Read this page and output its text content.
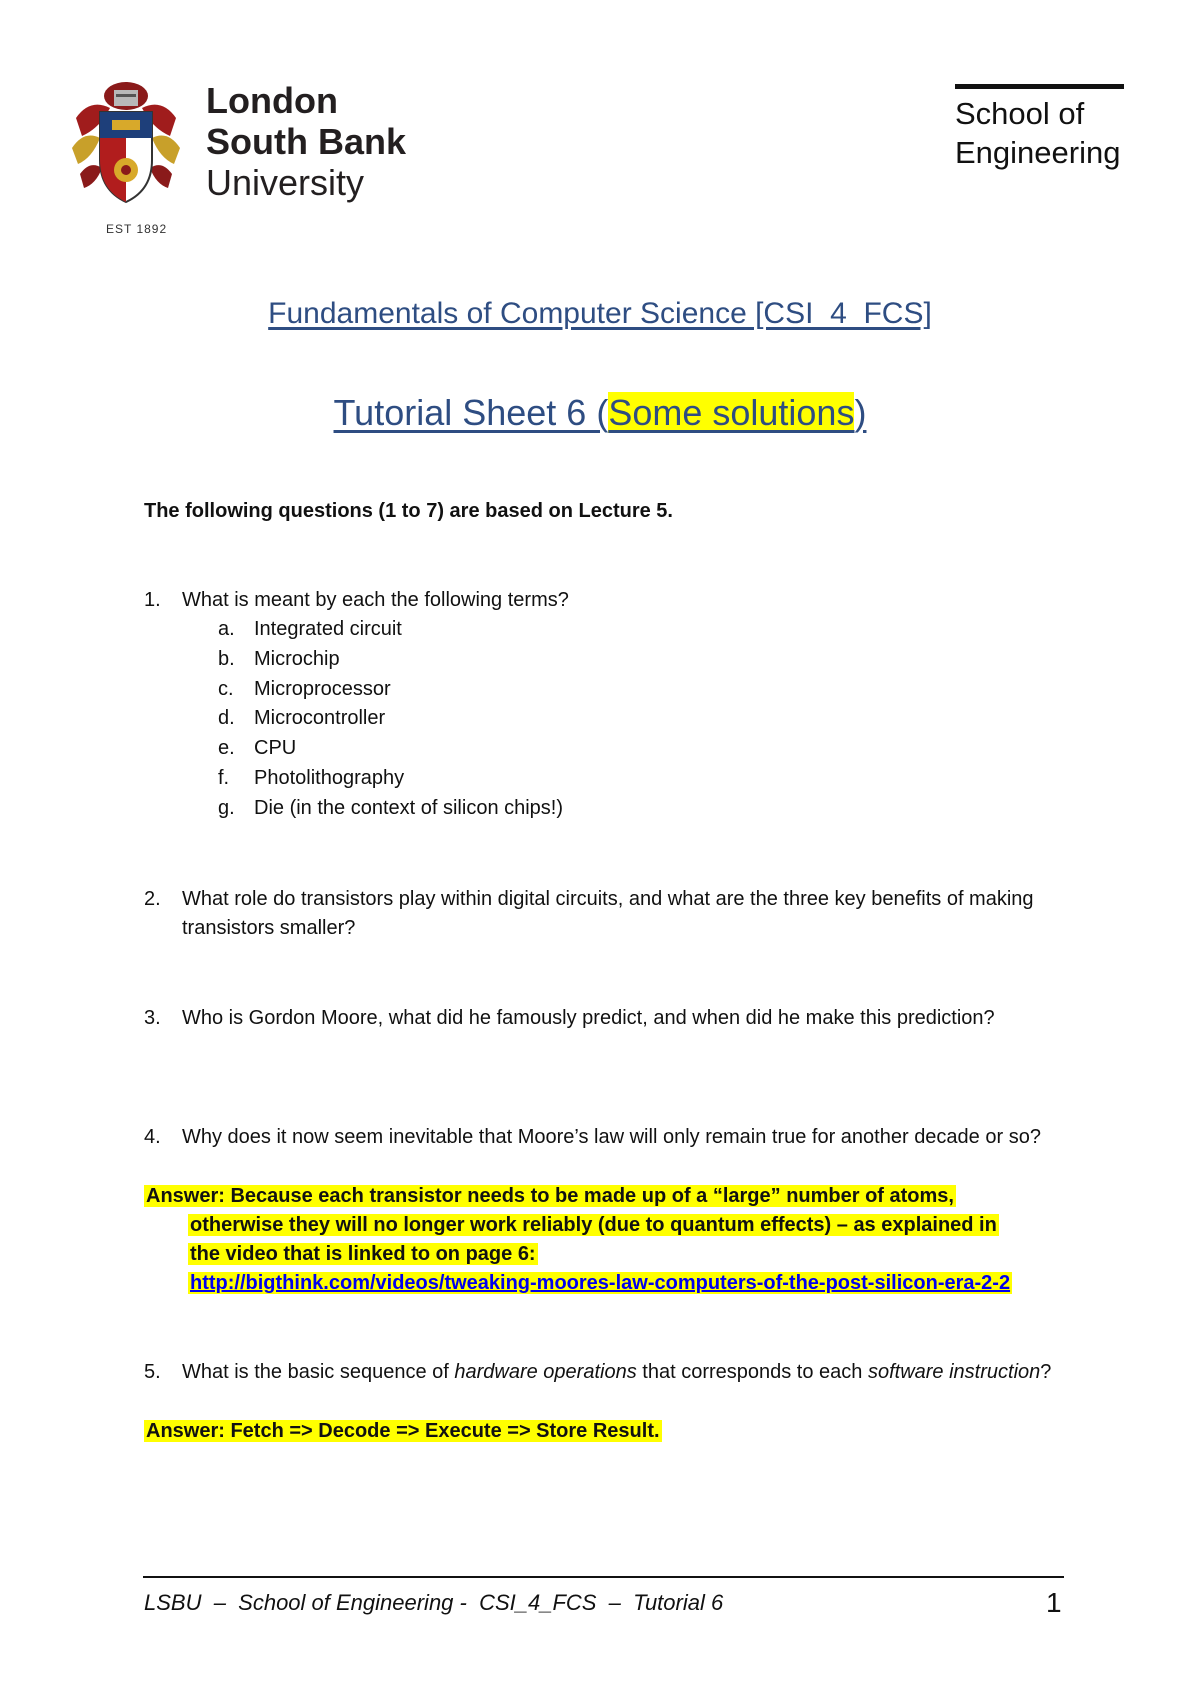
EST 1892
London
South Bank
University
School of
Engineering
Fundamentals of Computer Science [CSI_4_FCS]
Tutorial Sheet 6 (Some solutions)
The following questions (1 to 7) are based on Lecture 5.
1. What is meant by each the following terms?
a. Integrated circuit
b. Microchip
c.	Microprocessor
d. Microcontroller
e. CPU
f.	Photolithography
g. Die (in the context of silicon chips!)
2. What role do transistors play within digital circuits, and what are the three key benefits of making transistors smaller?
3. Who is Gordon Moore, what did he famously predict, and when did he make this prediction?
4. Why does it now seem inevitable that Moore’s law will only remain true for another decade or so?
Answer: Because each transistor needs to be made up of a “large” number of atoms,
otherwise they will no longer work reliably (due to quantum effects) – as explained in
the video that is linked to on page 6:
http://bigthink.com/videos/tweaking-moores-law-computers-of-the-post-silicon-era-2-2
5. What is the basic sequence of hardware operations that corresponds to each software instruction?
Answer: Fetch => Decode => Execute => Store Result.
LSBU  –  School of Engineering -  CSI_4_FCS  –  Tutorial 6	1
